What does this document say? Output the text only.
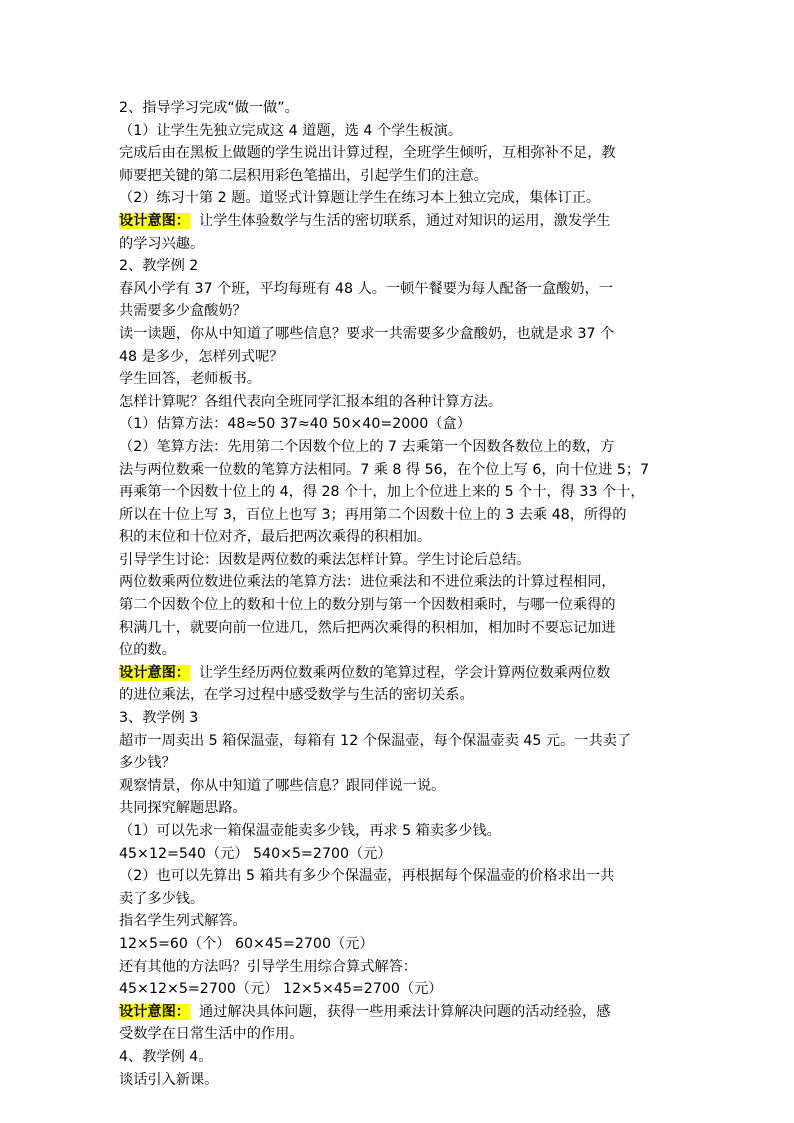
2、指导学习完成“做一做”。
（1）让学生先独立完成这 4 道题，选 4 个学生板演。
完成后由在黑板上做题的学生说出计算过程，全班学生倾听，互相弥补不足，教
师要把关键的第二层积用彩色笔描出，引起学生们的注意。
（2）练习十第 2 题。道竖式计算题让学生在练习本上独立完成，集体订正。
设计意图：  让学生体验数学与生活的密切联系，通过对知识的运用，激发学生
的学习兴趣。
2、教学例 2
春风小学有 37 个班，平均每班有 48 人。一顿午餐要为每人配备一盒酸奶，一
共需要多少盒酸奶？
读一读题，你从中知道了哪些信息？要求一共需要多少盒酸奶，也就是求 37 个
48 是多少，怎样列式呢？
学生回答，老师板书。
怎样计算呢？各组代表向全班同学汇报本组的各种计算方法。
（1）估算方法：48≈50 37≈40 50×40=2000（盒）
（2）笔算方法：先用第二个因数个位上的 7 去乘第一个因数各数位上的数，方
法与两位数乘一位数的笔算方法相同。7 乘 8 得 56，在个位上写 6，向十位进 5；7
再乘第一个因数十位上的 4，得 28 个十，加上个位进上来的 5 个十，得 33 个十，
所以在十位上写 3，百位上也写 3；再用第二个因数十位上的 3 去乘 48，所得的
积的末位和十位对齐，最后把两次乘得的积相加。
引导学生讨论：因数是两位数的乘法怎样计算。学生讨论后总结。
两位数乘两位数进位乘法的笔算方法：进位乘法和不进位乘法的计算过程相同，
第二个因数个位上的数和十位上的数分别与第一个因数相乘时，与哪一位乘得的
积满几十，就要向前一位进几，然后把两次乘得的积相加，相加时不要忘记加进
位的数。
设计意图：  让学生经历两位数乘两位数的笔算过程，学会计算两位数乘两位数
的进位乘法，在学习过程中感受数学与生活的密切关系。
3、教学例 3
超市一周卖出 5 箱保温壶，每箱有 12 个保温壶，每个保温壶卖 45 元。一共卖了
多少钱？
观察情景，你从中知道了哪些信息？跟同伴说一说。
共同探究解题思路。
（1）可以先求一箱保温壶能卖多少钱，再求 5 箱卖多少钱。
45×12=540（元） 540×5=2700（元）
（2）也可以先算出 5 箱共有多少个保温壶，再根据每个保温壶的价格求出一共
卖了多少钱。
指名学生列式解答。
12×5=60（个） 60×45=2700（元）
还有其他的方法吗？引导学生用综合算式解答：
45×12×5=2700（元） 12×5×45=2700（元）
设计意图：  通过解决具体问题，获得一些用乘法计算解决问题的活动经验，感
受数学在日常生活中的作用。
4、教学例 4。
谈话引入新课。
